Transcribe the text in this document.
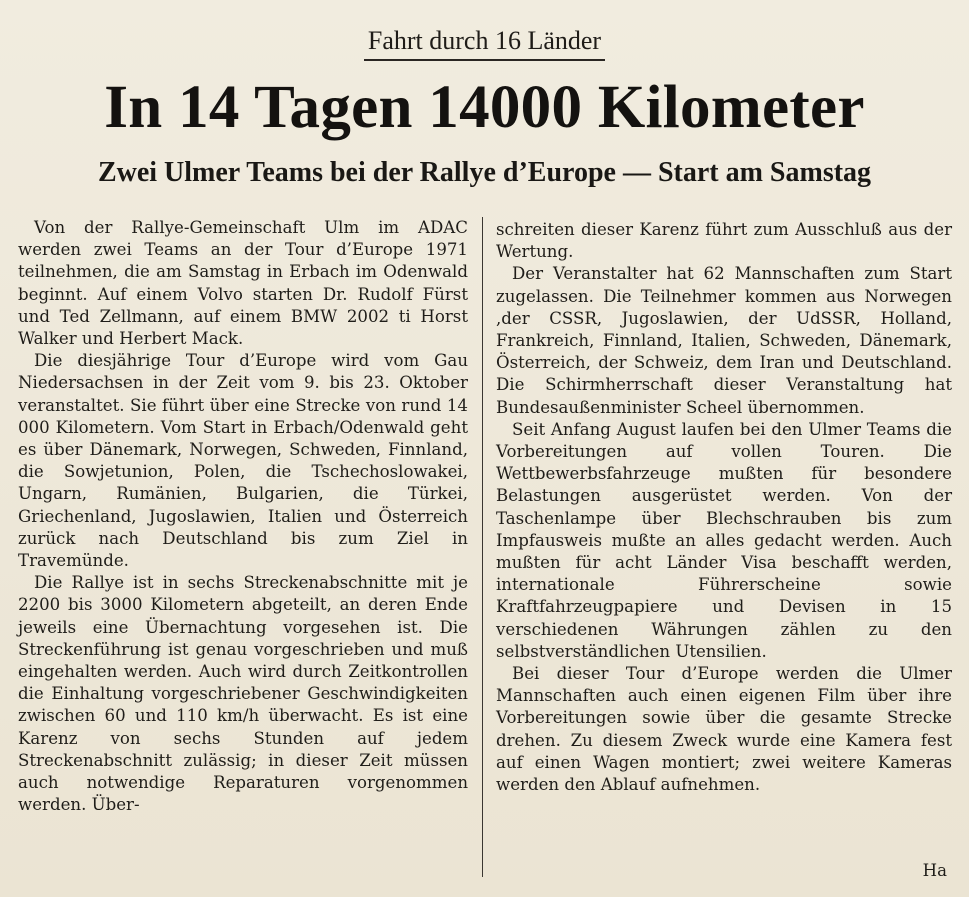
Fahrt durch 16 Länder
In 14 Tagen 14000 Kilometer
Zwei Ulmer Teams bei der Rallye d’Europe — Start am Samstag

Von der Rallye-Gemeinschaft Ulm im ADAC werden zwei Teams an der Tour d’Europe 1971 teilnehmen, die am Samstag in Erbach im Odenwald beginnt. Auf einem Volvo starten Dr. Rudolf Fürst und Ted Zellmann, auf einem BMW 2002 ti Horst Walker und Herbert Mack.

Die diesjährige Tour d’Europe wird vom Gau Niedersachsen in der Zeit vom 9. bis 23. Oktober veranstaltet. Sie führt über eine Strecke von rund 14 000 Kilometern. Vom Start in Erbach/Odenwald geht es über Dänemark, Norwegen, Schweden, Finnland, die Sowjetunion, Polen, die Tschechoslowakei, Ungarn, Rumänien, Bulgarien, die Türkei, Griechenland, Jugoslawien, Italien und Österreich zurück nach Deutschland bis zum Ziel in Travemünde.

Die Rallye ist in sechs Streckenabschnitte mit je 2200 bis 3000 Kilometern abgeteilt, an deren Ende jeweils eine Übernachtung vorgesehen ist. Die Streckenführung ist genau vorgeschrieben und muß eingehalten werden. Auch wird durch Zeitkontrollen die Einhaltung vorgeschriebener Geschwindigkeiten zwischen 60 und 110 km/h überwacht. Es ist eine Karenz von sechs Stunden auf jedem Streckenabschnitt zulässig; in dieser Zeit müssen auch notwendige Reparaturen vorgenommen werden. Über-

schreiten dieser Karenz führt zum Ausschluß aus der Wertung.

Der Veranstalter hat 62 Mannschaften zum Start zugelassen. Die Teilnehmer kommen aus Norwegen ,der CSSR, Jugoslawien, der UdSSR, Holland, Frankreich, Finnland, Italien, Schweden, Dänemark, Österreich, der Schweiz, dem Iran und Deutschland. Die Schirmherrschaft dieser Veranstaltung hat Bundesaußenminister Scheel übernommen.

Seit Anfang August laufen bei den Ulmer Teams die Vorbereitungen auf vollen Touren. Die Wettbewerbsfahrzeuge mußten für besondere Belastungen ausgerüstet werden. Von der Taschenlampe über Blechschrauben bis zum Impfausweis mußte an alles gedacht werden. Auch mußten für acht Länder Visa beschafft werden, internationale Führerscheine sowie Kraftfahrzeugpapiere und Devisen in 15 verschiedenen Währungen zählen zu den selbstverständlichen Utensilien.

Bei dieser Tour d’Europe werden die Ulmer Mannschaften auch einen eigenen Film über ihre Vorbereitungen sowie über die gesamte Strecke drehen. Zu diesem Zweck wurde eine Kamera fest auf einen Wagen montiert; zwei weitere Kameras werden den Ablauf aufnehmen.

Ha
